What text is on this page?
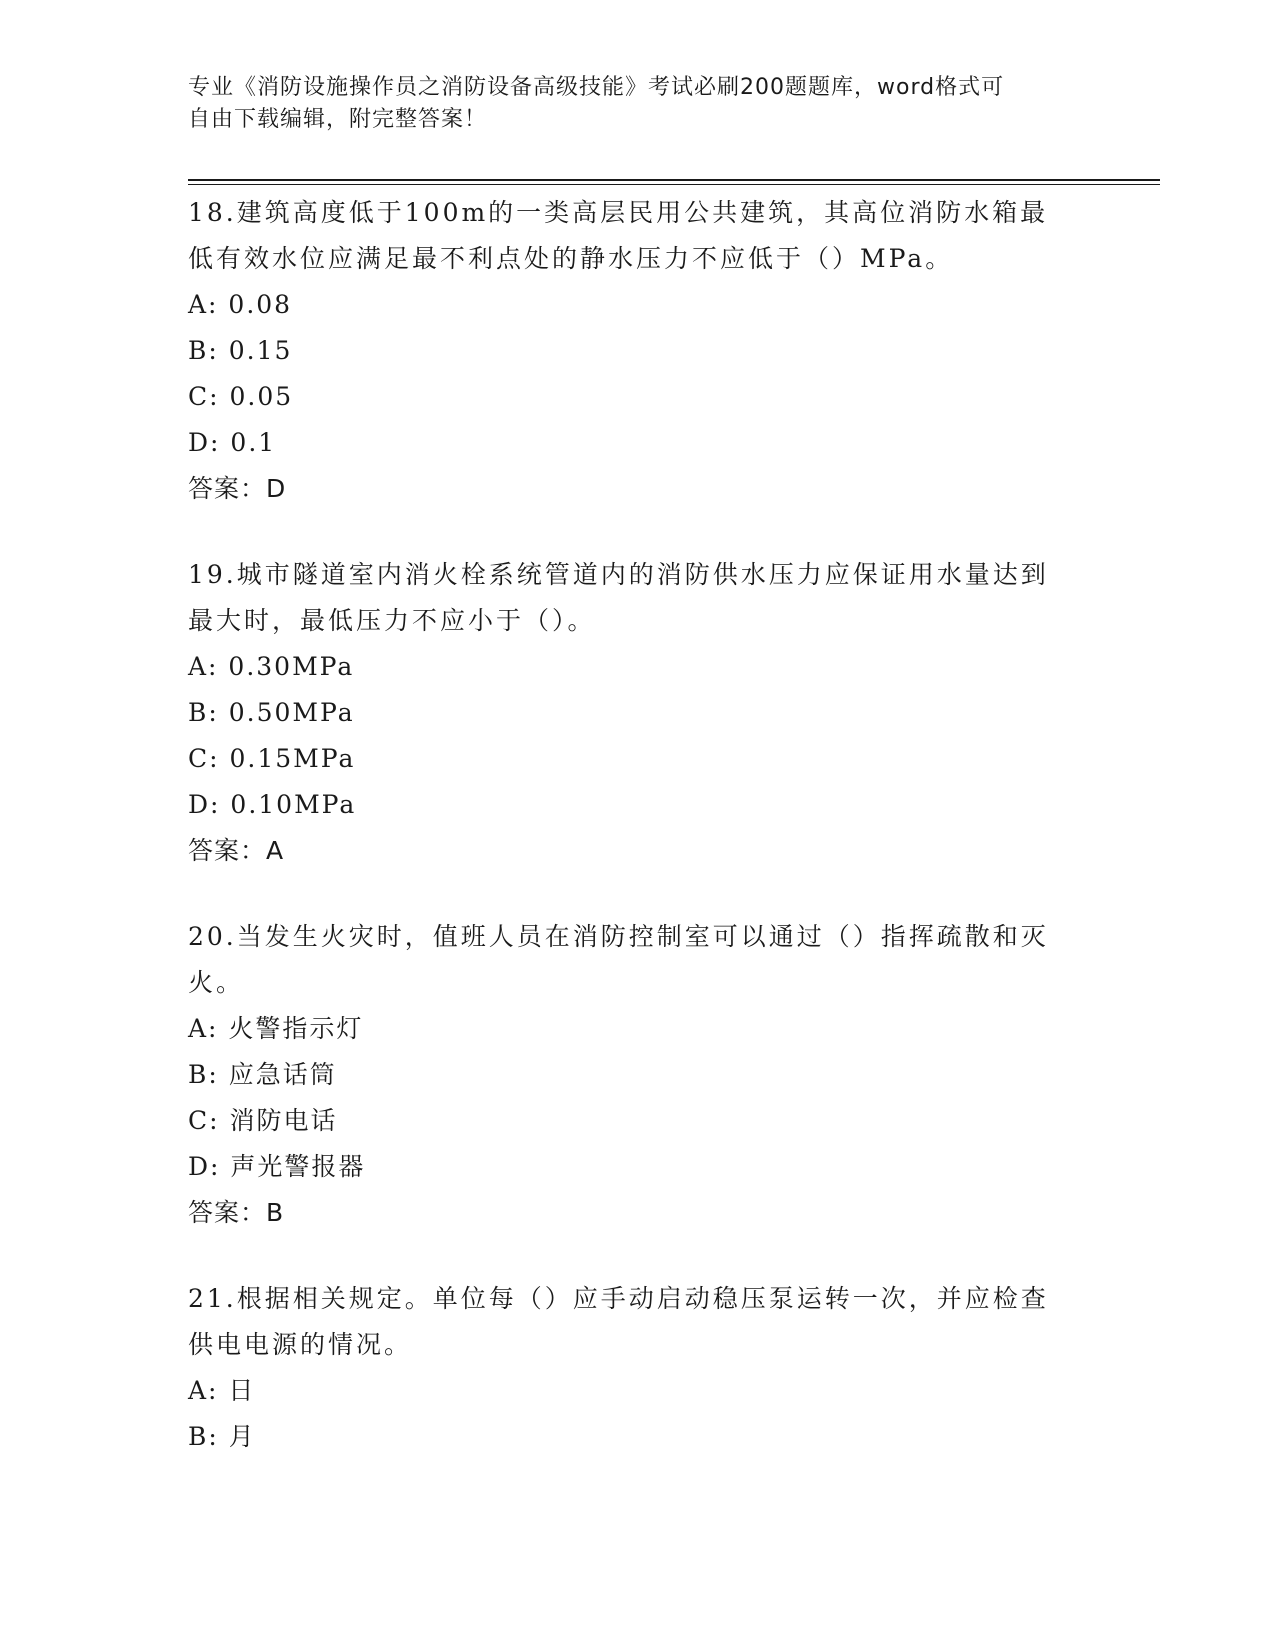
专业《消防设施操作员之消防设备高级技能》考试必刷200题题库，word格式可
自由下载编辑，附完整答案！

18.建筑高度低于100m的一类高层民用公共建筑，其高位消防水箱最
低有效水位应满足最不利点处的静水压力不应低于（）MPa。

A: 0.08

B: 0.15

C: 0.05

D: 0.1

答案：D

19.城市隧道室内消火栓系统管道内的消防供水压力应保证用水量达到
最大时，最低压力不应小于（）。

A: 0.30MPa

B: 0.50MPa

C: 0.15MPa

D: 0.10MPa

答案：A

20.当发生火灾时，值班人员在消防控制室可以通过（）指挥疏散和灭
火。

A: 火警指示灯

B: 应急话筒

C: 消防电话

D: 声光警报器

答案：B

21.根据相关规定。单位每（）应手动启动稳压泵运转一次，并应检查
供电电源的情况。

A: 日

B: 月
